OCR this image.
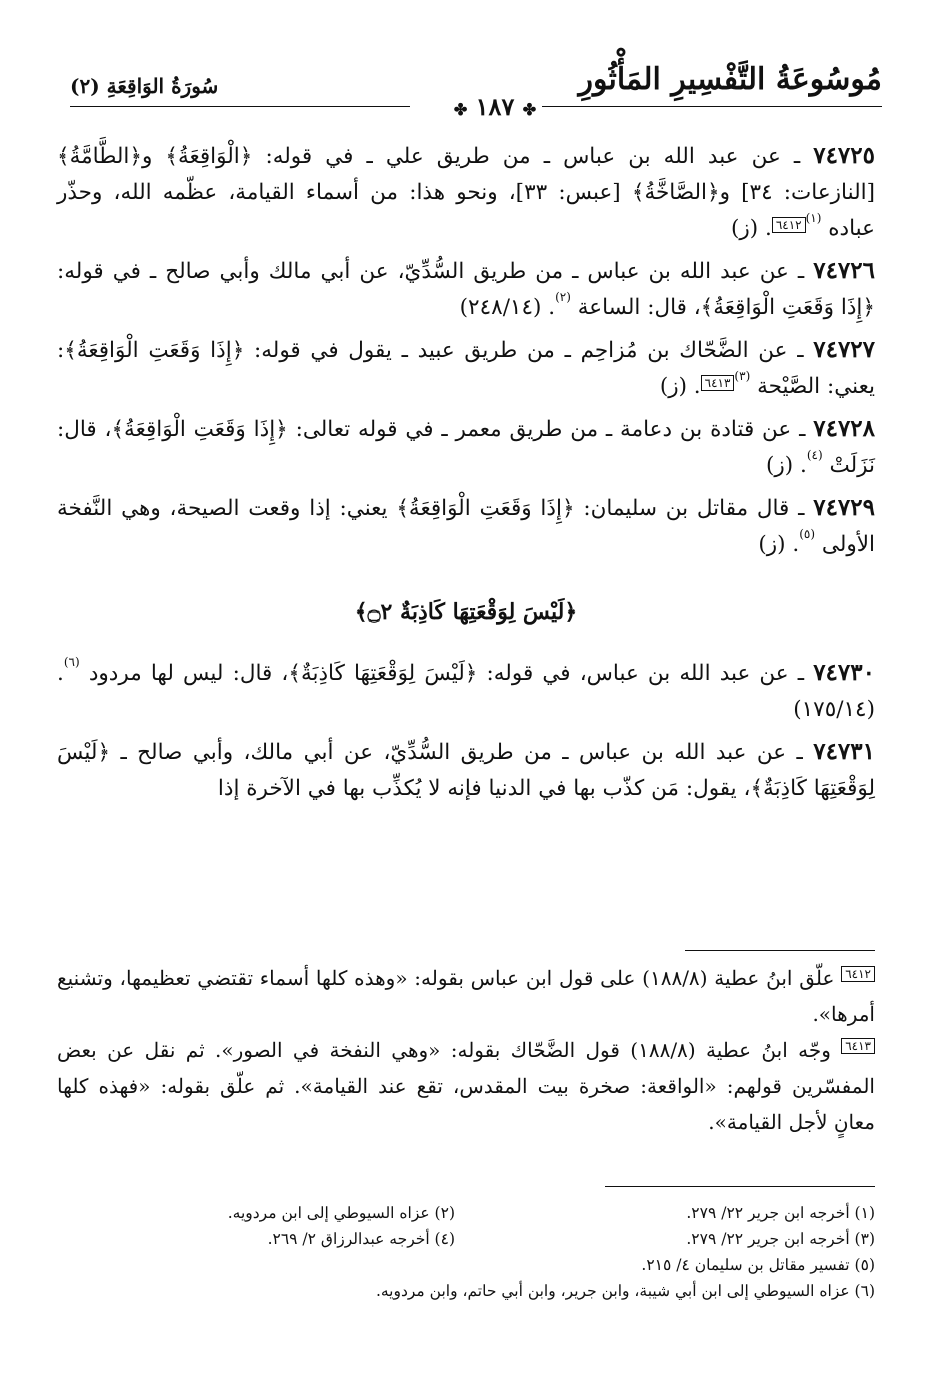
مُوسُوعَةُ التَّفْسِيرِ المَأْثُورِ
سُورَةُ الوَاقِعَةِ (٢)
✤ ١٨٧ ✤
٧٤٧٢٥ ـ عن عبد الله بن عباس ـ من طريق علي ـ في قوله: ﴿الْوَاقِعَةُ﴾ و﴿الطَّامَّةُ﴾ [النازعات: ٣٤] و﴿الصَّاخَّةُ﴾ [عبس: ٣٣]، ونحو هذا: من أسماء القيامة، عظّمه الله، وحذّر عباده $^{(١)}$٦٤١٢. (ز)
٧٤٧٢٦ ـ عن عبد الله بن عباس ـ من طريق السُّدِّيّ، عن أبي مالك وأبي صالح ـ في قوله: ﴿إِذَا وَقَعَتِ الْوَاقِعَةُ﴾، قال: الساعة $^{(٢)}$. (٢٤٨/١٤)
٧٤٧٢٧ ـ عن الضَّحّاك بن مُزاحِم ـ من طريق عبيد ـ يقول في قوله: ﴿إِذَا وَقَعَتِ الْوَاقِعَةُ﴾: يعني: الصَّيْحة $^{(٣)}$٦٤١٣. (ز)
٧٤٧٢٨ ـ عن قتادة بن دعامة ـ من طريق معمر ـ في قوله تعالى: ﴿إِذَا وَقَعَتِ الْوَاقِعَةُ﴾، قال: نَزَلَتْ $^{(٤)}$. (ز)
٧٤٧٢٩ ـ قال مقاتل بن سليمان: ﴿إِذَا وَقَعَتِ الْوَاقِعَةُ﴾ يعني: إذا وقعت الصيحة، وهي النَّفخة الأولى $^{(٥)}$. (ز)
﴿لَيْسَ لِوَقْعَتِهَا كَاذِبَةٌ ۝٢﴾
٧٤٧٣٠ ـ عن عبد الله بن عباس، في قوله: ﴿لَيْسَ لِوَقْعَتِهَا كَاذِبَةٌ﴾، قال: ليس لها مردود $^{(٦)}$. (١٧٥/١٤)
٧٤٧٣١ ـ عن عبد الله بن عباس ـ من طريق السُّدِّيّ، عن أبي مالك، وأبي صالح ـ ﴿لَيْسَ لِوَقْعَتِهَا كَاذِبَةٌ﴾، يقول: مَن كذّب بها في الدنيا فإنه لا يُكذِّب بها في الآخرة إذا

٦٤١٢ علّق ابنُ عطية (١٨٨/٨) على قول ابن عباس بقوله: «وهذه كلها أسماء تقتضي تعظيمها، وتشنيع أمرها».

٦٤١٣ وجّه ابنُ عطية (١٨٨/٨) قول الضَّحّاك بقوله: «وهي النفخة في الصور». ثم نقل عن بعض المفسّرين قولهم: «الواقعة: صخرة بيت المقدس، تقع عند القيامة». ثم علّق بقوله: «فهذه كلها معانٍ لأجل القيامة».

(١) أخرجه ابن جرير ٢٢/ ٢٧٩.
(٢) عزاه السيوطي إلى ابن مردويه.
(٣) أخرجه ابن جرير ٢٢/ ٢٧٩.
(٤) أخرجه عبدالرزاق ٢/ ٢٦٩.
(٥) تفسير مقاتل بن سليمان ٤/ ٢١٥.
(٦) عزاه السيوطي إلى ابن أبي شيبة، وابن جرير، وابن أبي حاتم، وابن مردويه.
